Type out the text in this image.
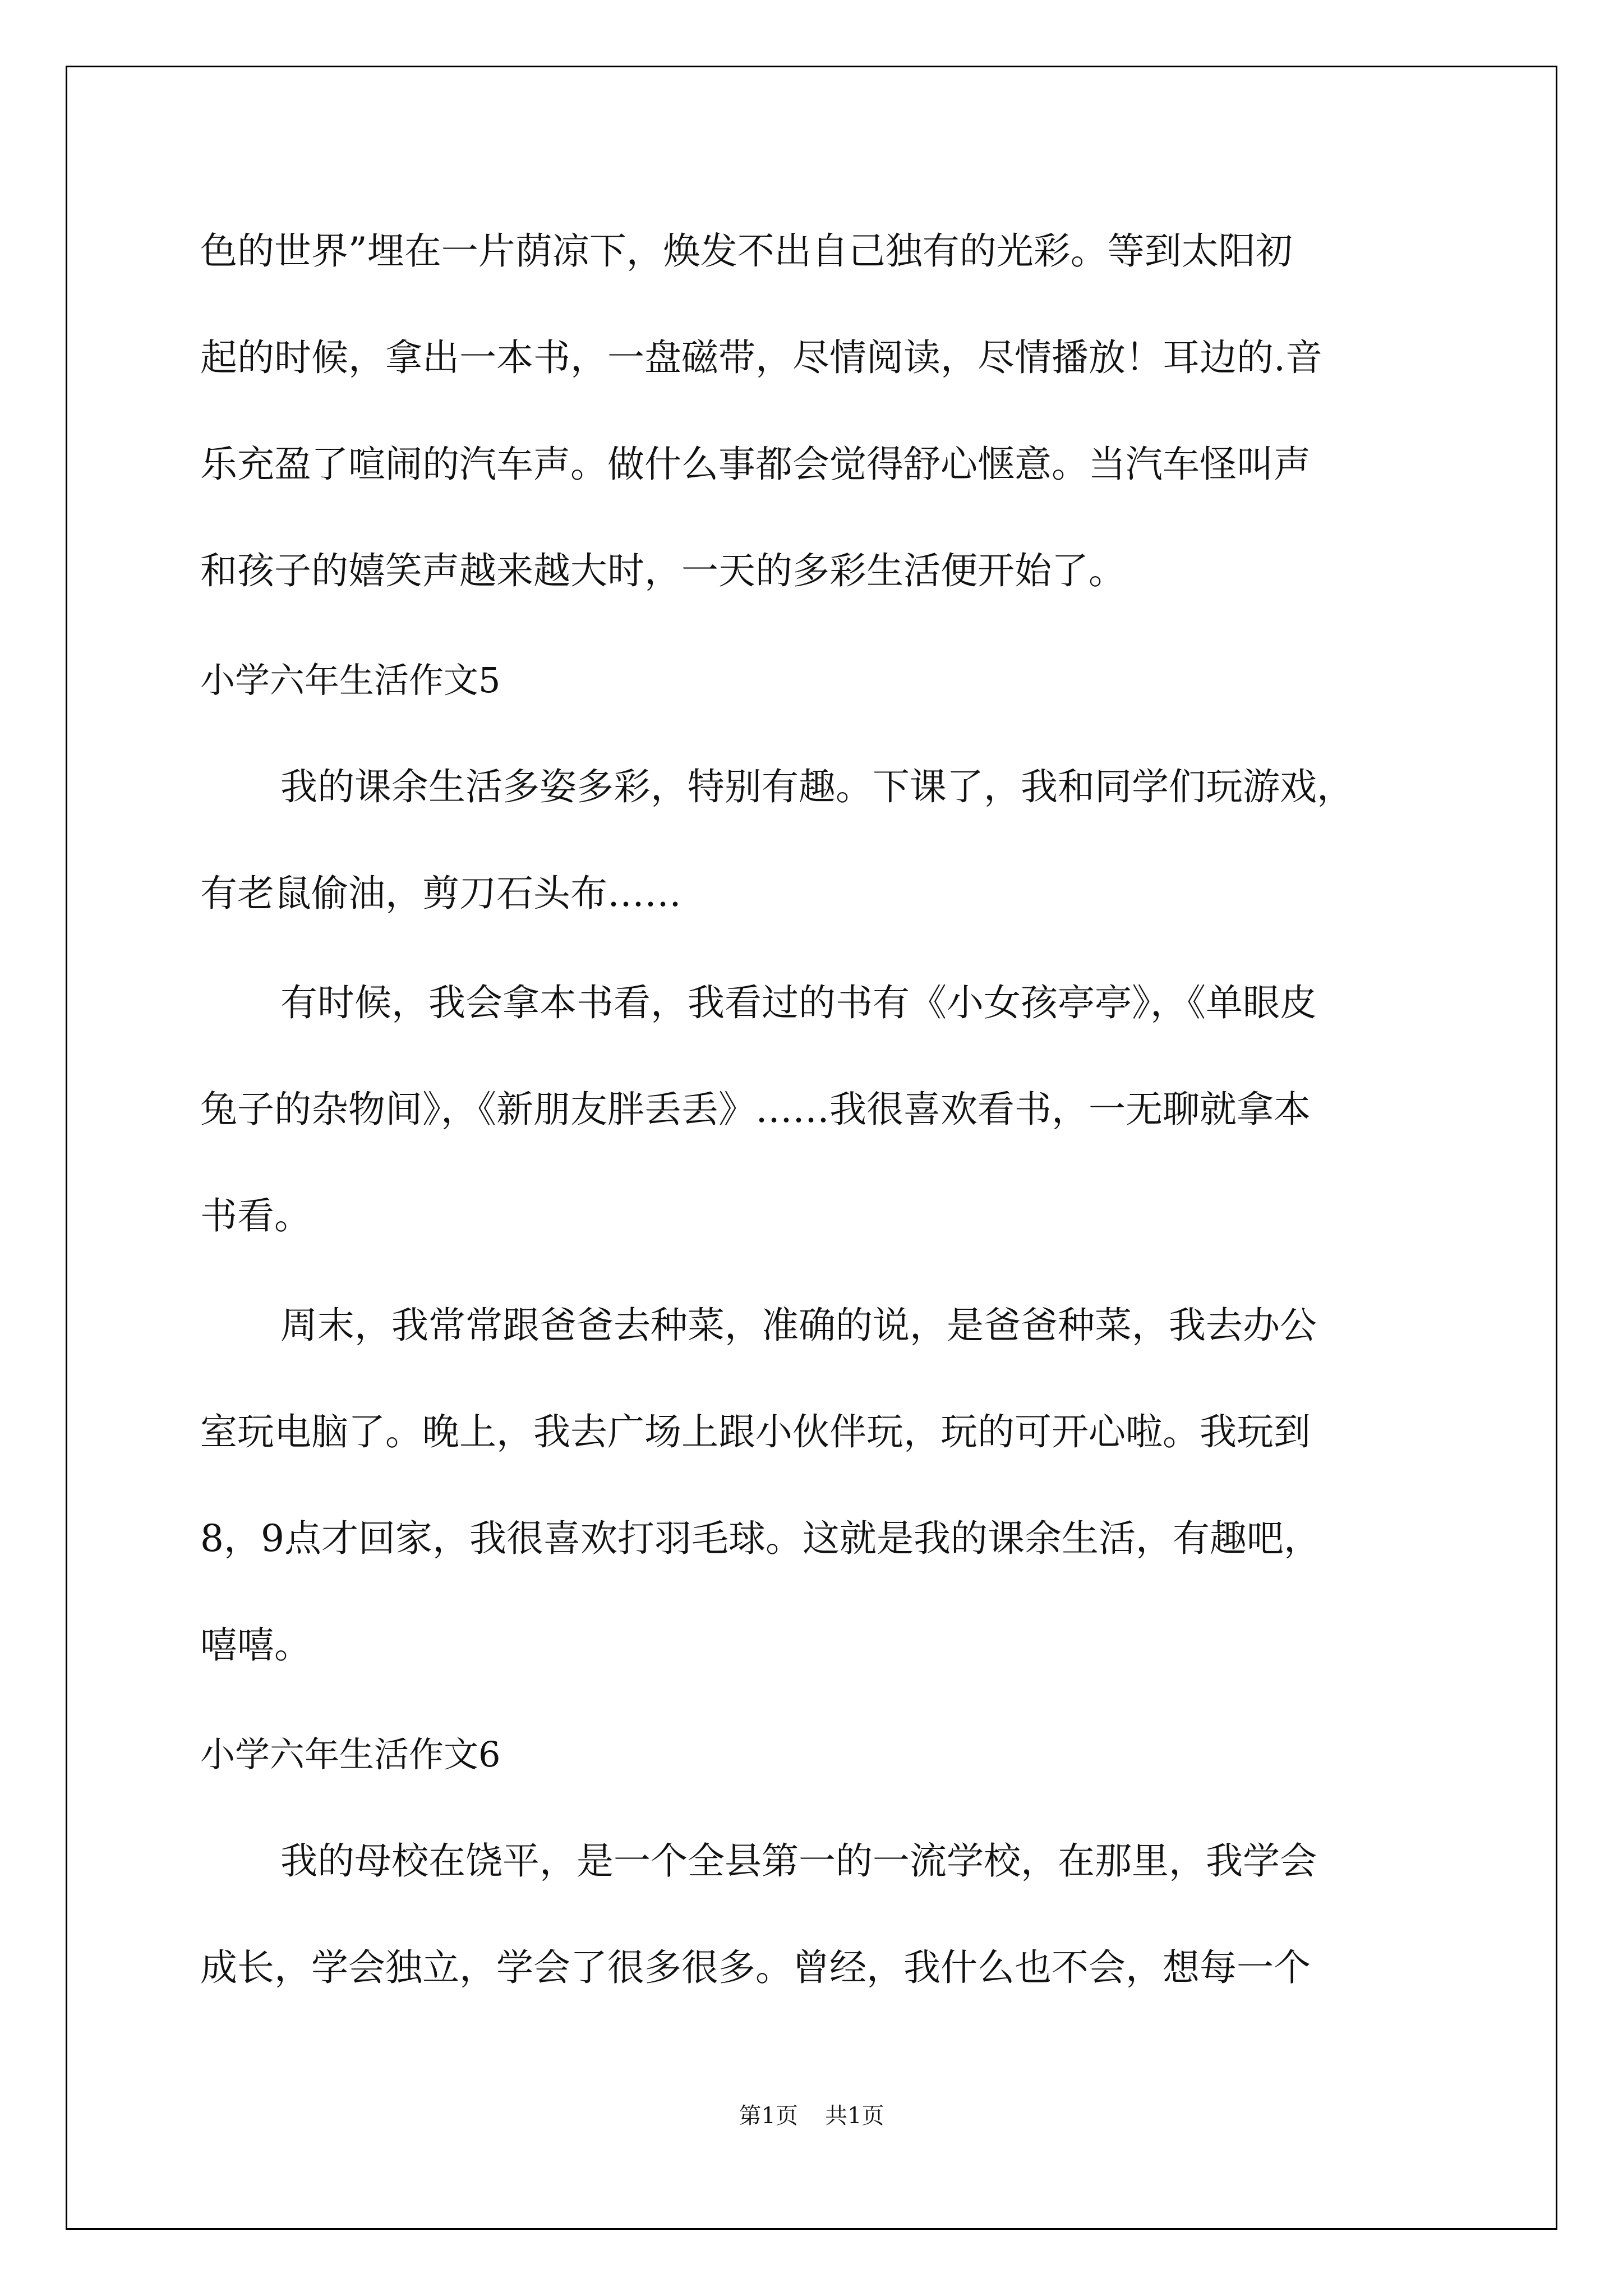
色的世界”埋在一片荫凉下，焕发不出自己独有的光彩。等到太阳初

起的时候，拿出一本书，一盘磁带，尽情阅读，尽情播放！耳边的.音

乐充盈了喧闹的汽车声。做什么事都会觉得舒心惬意。当汽车怪叫声

和孩子的嬉笑声越来越大时，一天的多彩生活便开始了。

小学六年生活作文5

我的课余生活多姿多彩，特别有趣。下课了，我和同学们玩游戏，

有老鼠偷油，剪刀石头布……

有时候，我会拿本书看，我看过的书有《小女孩亭亭》，《单眼皮

兔子的杂物间》，《新朋友胖丢丢》……我很喜欢看书，一无聊就拿本

书看。

周末，我常常跟爸爸去种菜，准确的说，是爸爸种菜，我去办公

室玩电脑了。晚上，我去广场上跟小伙伴玩，玩的可开心啦。我玩到

8，9点才回家，我很喜欢打羽毛球。这就是我的课余生活，有趣吧，

嘻嘻。

小学六年生活作文6

我的母校在饶平，是一个全县第一的一流学校，在那里，我学会

成长，学会独立，学会了很多很多。曾经，我什么也不会，想每一个

第1页 共1页
